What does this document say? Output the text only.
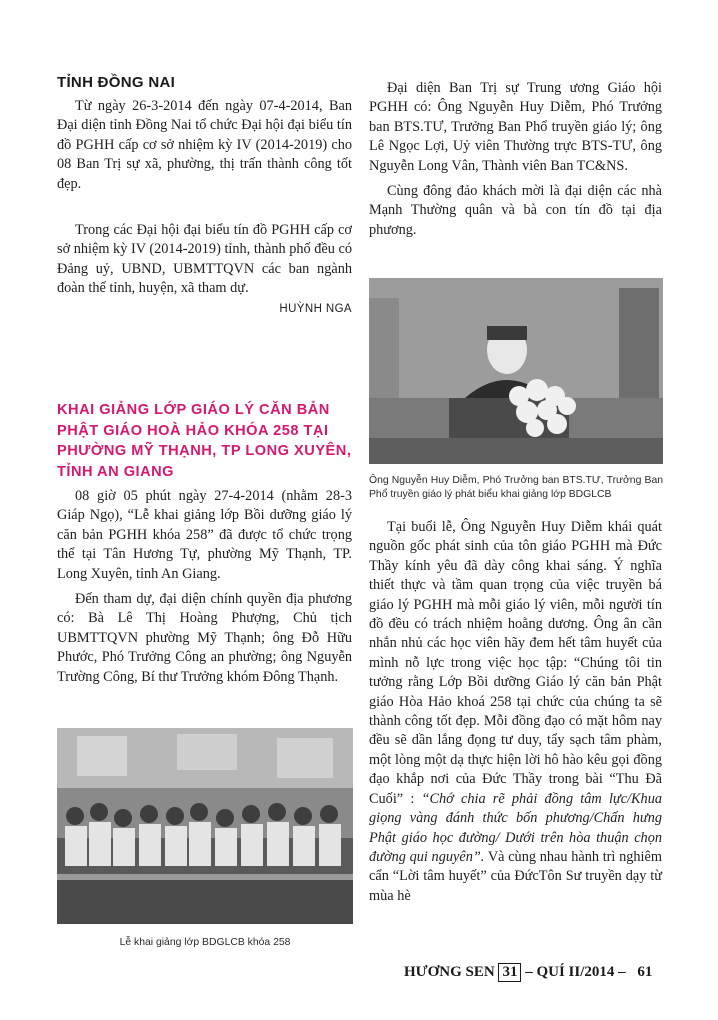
TỈNH ĐỒNG NAI

Từ ngày 26-3-2014 đến ngày 07-4-2014, Ban Đại diện tỉnh Đồng Nai tổ chức Đại hội đại biểu tín đồ PGHH cấp cơ sở nhiệm kỳ IV (2014-2019) cho 08 Ban Trị sự xã, phường, thị trấn thành công tốt đẹp.

Trong các Đại hội đại biểu tín đồ PGHH cấp cơ sở nhiệm kỳ IV (2014-2019) tỉnh, thành phố đều có Đảng uỷ, UBND, UBMTTQVN các ban ngành đoàn thể tỉnh, huyện, xã tham dự.

HUỲNH NGA

KHAI GIẢNG LỚP GIÁO LÝ CĂN BẢN PHẬT GIÁO HOÀ HẢO KHÓA 258 TẠI PHƯỜNG MỸ THẠNH, TP LONG XUYÊN, TỈNH AN GIANG

08 giờ 05 phút ngày 27-4-2014 (nhằm 28-3 Giáp Ngọ), “Lễ khai giảng lớp Bồi dưỡng giáo lý căn bản PGHH khóa 258” đã được tổ chức trọng thể tại Tân Hương Tự, phường Mỹ Thạnh, TP. Long Xuyên, tỉnh An Giang.

Đến tham dự, đại diện chính quyền địa phương có: Bà Lê Thị Hoàng Phượng, Chủ tịch UBMTTQVN phường Mỹ Thạnh; ông Đỗ Hữu Phước, Phó Trưởng Công an phường; ông Nguyễn Trường Công, Bí thư Trưởng khóm Đông Thạnh.

Lễ khai giảng lớp BDGLCB khóa 258

Đại diện Ban Trị sự Trung ương Giáo hội PGHH có: Ông Nguyễn Huy Diễm, Phó Trưởng ban BTS.TƯ, Trưởng Ban Phổ truyền giáo lý; ông Lê Ngọc Lợi, Uỷ viên Thường trực BTS-TƯ, ông Nguyễn Long Vân, Thành viên Ban TC&NS.

Cùng đông đảo khách mời là đại diện các nhà Mạnh Thường quân và bà con tín đồ tại địa phương.

Ông Nguyễn Huy Diễm, Phó Trưởng ban BTS.TƯ, Trưởng Ban Phổ truyền giáo lý phát biểu khai giảng lớp BDGLCB

Tại buổi lễ, Ông Nguyễn Huy Diễm khái quát nguồn gốc phát sinh của tôn giáo PGHH mà Đức Thầy kính yêu đã dày công khai sáng. Ý nghĩa thiết thực và tầm quan trọng của việc truyền bá giáo lý PGHH mà mỗi giáo lý viên, mỗi người tín đồ đều có trách nhiệm hoằng dương. Ông ân cần nhắn nhủ các học viên hãy đem hết tâm huyết của mình nỗ lực trong việc học tập: “Chúng tôi tin tưởng rằng Lớp Bồi dưỡng Giáo lý căn bản Phật giáo Hòa Hảo khoá 258 tại chức của chúng ta sẽ thành công tốt đẹp. Mỗi đồng đạo có mặt hôm nay đều sẽ dần lắng đọng tư duy, tẩy sạch tâm phàm, một lòng một dạ thực hiện lời hô hào kêu gọi đồng đạo khắp nơi của Đức Thầy trong bài “Thu Đã Cuối” : “Chớ chia rẽ phải đồng tâm lực/Khua giọng vàng đánh thức bốn phương/Chấn hưng Phật giáo học đường/ Dưới trên hòa thuận chọn đường qui nguyên”. Và cùng nhau hành trì nghiêm cẩn “Lời tâm huyết” của ĐứcTôn Sư truyền dạy từ mùa hè

HƯƠNG SEN 31 – QUÍ II/2014 – 61
